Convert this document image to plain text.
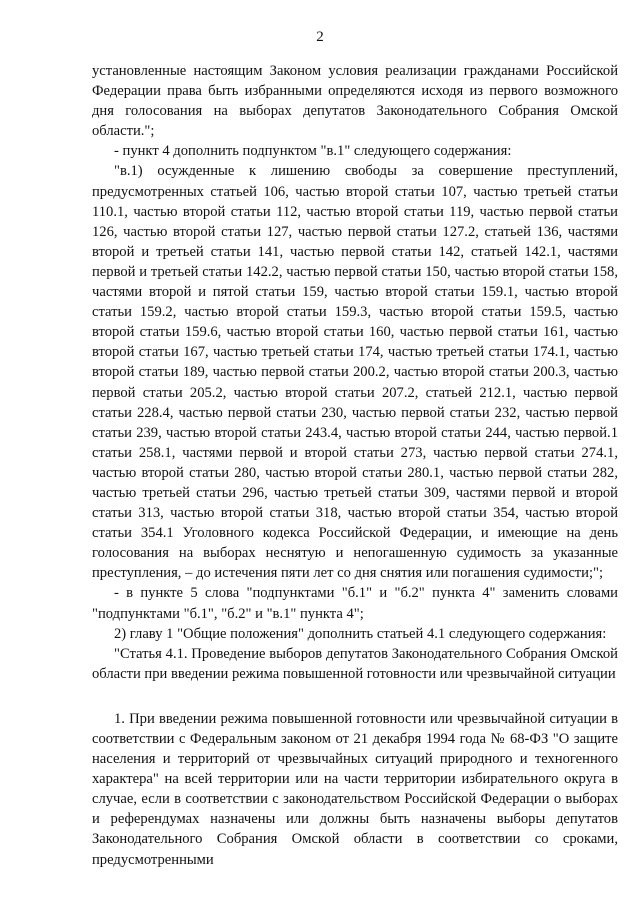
2

установленные настоящим Законом условия реализации гражданами Российской Федерации права быть избранными определяются исходя из первого возможного дня голосования на выборах депутатов Законодательного Собрания Омской области.";

- пункт 4 дополнить подпунктом "в.1" следующего содержания:

"в.1) осужденные к лишению свободы за совершение преступлений, предусмотренных статьей 106, частью второй статьи 107, частью третьей статьи 110.1, частью второй статьи 112, частью второй статьи 119, частью первой статьи 126, частью второй статьи 127, частью первой статьи 127.2, статьей 136, частями второй и третьей статьи 141, частью первой статьи 142, статьей 142.1, частями первой и третьей статьи 142.2, частью первой статьи 150, частью второй статьи 158, частями второй и пятой статьи 159, частью второй статьи 159.1, частью второй статьи 159.2, частью второй статьи 159.3, частью второй статьи 159.5, частью второй статьи 159.6, частью второй статьи 160, частью первой статьи 161, частью второй статьи 167, частью третьей статьи 174, частью третьей статьи 174.1, частью второй статьи 189, частью первой статьи 200.2, частью второй статьи 200.3, частью первой статьи 205.2, частью второй статьи 207.2, статьей 212.1, частью первой статьи 228.4, частью первой статьи 230, частью первой статьи 232, частью первой статьи 239, частью второй статьи 243.4, частью второй статьи 244, частью первой.1 статьи 258.1, частями первой и второй статьи 273, частью первой статьи 274.1, частью второй статьи 280, частью второй статьи 280.1, частью первой статьи 282, частью третьей статьи 296, частью третьей статьи 309, частями первой и второй статьи 313, частью второй статьи 318, частью второй статьи 354, частью второй статьи 354.1 Уголовного кодекса Российской Федерации, и имеющие на день голосования на выборах неснятую и непогашенную судимость за указанные преступления, – до истечения пяти лет со дня снятия или погашения судимости;";

- в пункте 5 слова "подпунктами "б.1" и "б.2" пункта 4" заменить словами "подпунктами "б.1", "б.2" и "в.1" пункта 4";

2) главу 1 "Общие положения" дополнить статьей 4.1 следующего содержания:

"Статья 4.1. Проведение выборов депутатов Законодательного Собрания Омской области при введении режима повышенной готовности или чрезвычайной ситуации

1. При введении режима повышенной готовности или чрезвычайной ситуации в соответствии с Федеральным законом от 21 декабря 1994 года № 68-ФЗ "О защите населения и территорий от чрезвычайных ситуаций природного и техногенного характера" на всей территории или на части территории избирательного округа в случае, если в соответствии с законодательством Российской Федерации о выборах и референдумах назначены или должны быть назначены выборы депутатов Законодательного Собрания Омской области в соответствии со сроками, предусмотренными
